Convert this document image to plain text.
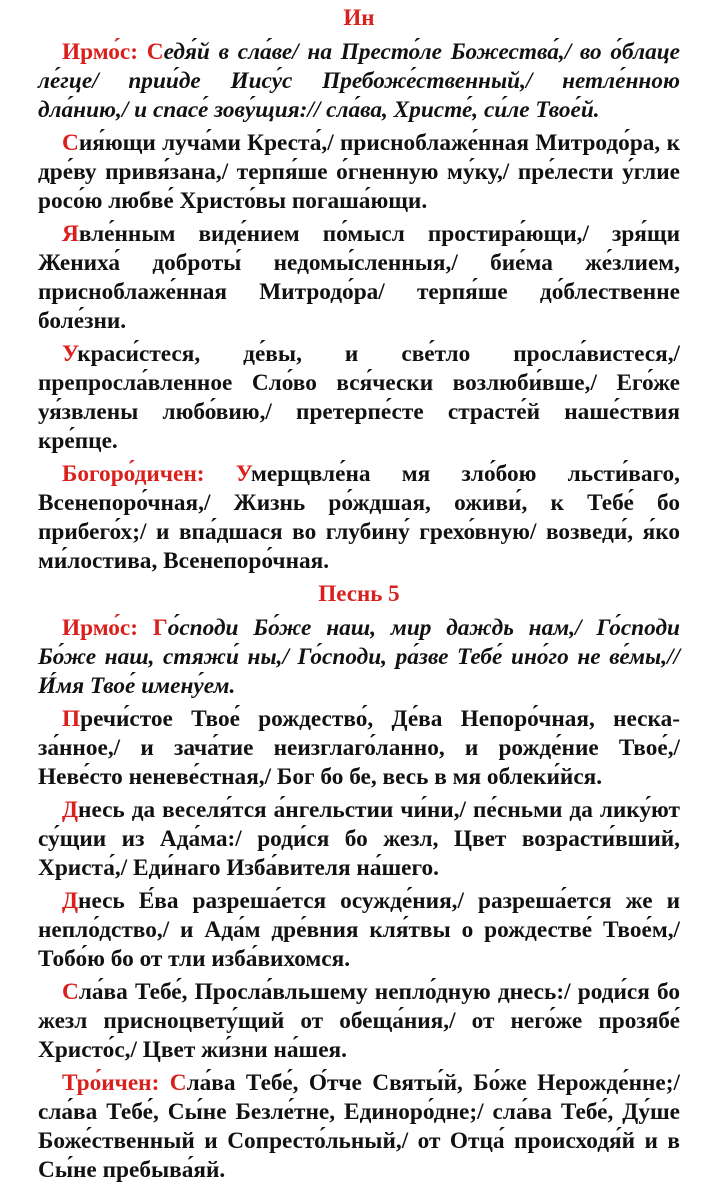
Ин

Ирмо́с: Седя́й в сла́ве/ на Престо́ле Божества́,/ во о́блаце ле́гце/ прии́де Иису́с Пребоже́ственный,/ нетле́нною дла́нию,/ и спасе́ зову́щия:// сла́ва, Христе́, си́ле Твое́й.

Сия́ющи луча́ми Креста́,/ присноблаже́нная Митродо́ра, к дре́ву привя́зана,/ терпя́ше о́гненную му́ку,/ пре́лести у́глие росо́ю любве́ Христо́вы погаша́ющи.

Явле́нным виде́нием по́мысл простира́ющи,/ зря́щи Жениха́ доброты́ недомы́сленныя,/ бие́ма же́злием, присноблаже́нная Митродо́ра/ терпя́ше до́блественне боле́зни.

Украси́стеся, де́вы, и све́тло просла́вистеся,/ препросла́вленное Сло́во вся́чески возлюби́вше,/ Его́же уя́звлены любо́вию,/ претерпе́сте страсте́й наше́ствия кре́пце.

Богоро́дичен: Умерщвле́на мя зло́бою льсти́ваго, Всенепоро́чная,/ Жизнь ро́ждшая, оживи́, к Тебе́ бо прибего́х;/ и впа́дшася во глубину́ грехо́вную/ возведи́, я́ко ми́лостива, Всенепоро́чная.

Песнь 5

Ирмо́с: Го́споди Бо́же наш, мир даждь нам,/ Го́споди Бо́же наш, стяжи́ ны,/ Го́споди, ра́зве Тебе́ ино́го не ве́мы,// И́мя Твое́ имену́ем.

Пречи́стое Твое́ рождество́, Де́ва Непоро́чная, несказа́нное,/ и зача́тие неизглаго́ланно, и рожде́ние Твое́,/ Неве́сто неневе́стная,/ Бог бо бе, весь в мя облеки́йся.

Днесь да веселя́тся а́нгельстии чи́ни,/ пе́сньми да лику́ют су́щии из Ада́ма:/ роди́ся бо жезл, Цвет возрасти́вший, Христа́,/ Еди́наго Изба́вителя на́шего.

Днесь Е́ва разреша́ется осужде́ния,/ разреша́ется же и непло́дство,/ и Ада́м дре́вния кля́твы о рождестве́ Твое́м,/ Тобо́ю бо от тли изба́вихомся.

Сла́ва Тебе́, Просла́вльшему непло́дную днесь:/ роди́ся бо жезл присноцвету́щий от обеща́ния,/ от него́же прозябе́ Христо́с,/ Цвет жи́зни на́шея.

Тро́ичен: Сла́ва Тебе́, О́тче Святы́й, Бо́же Нерожде́нне;/ сла́ва Тебе́, Сы́не Безле́тне, Единоро́дне;/ сла́ва Тебе́, Ду́ше Боже́ственный и Сопресто́льный,/ от Отца́ происходя́й и в Сы́не пребыва́яй.
